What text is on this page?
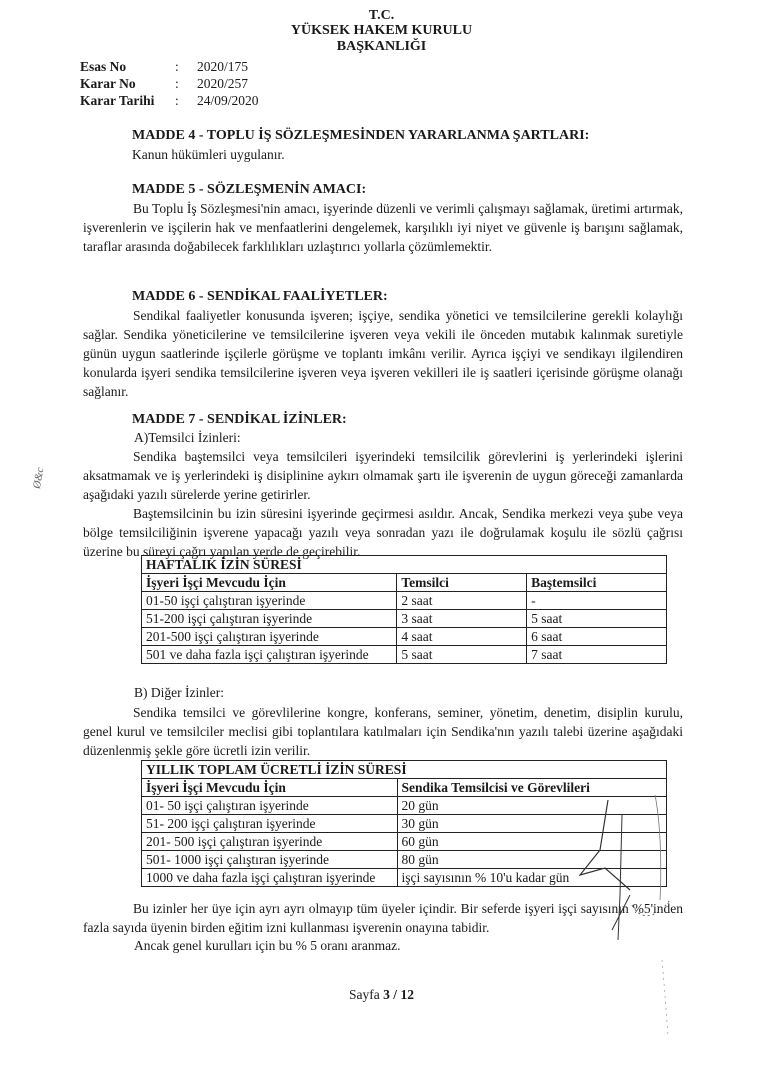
T.C.
YÜKSEK HAKEM KURULU
BAŞKANLIĞI
Esas No	: 2020/175
Karar No	: 2020/257
Karar Tarihi : 24/09/2020
MADDE 4 - TOPLU İŞ SÖZLEŞMESİNDEN YARARLANMA ŞARTLARI:
Kanun hükümleri uygulanır.
MADDE 5 - SÖZLEŞMENİN AMACI:
Bu Toplu İş Sözleşmesi'nin amacı, işyerinde düzenli ve verimli çalışmayı sağlamak, üretimi artırmak, işverenlerin ve işçilerin hak ve menfaatlerini dengelemek, karşılıklı iyi niyet ve güvenle iş barışını sağlamak, taraflar arasında doğabilecek farklılıkları uzlaştırıcı yollarla çözümlemektir.
MADDE 6 - SENDİKAL FAALİYETLER:
Sendikal faaliyetler konusunda işveren; işçiye, sendika yönetici ve temsilcilerine gerekli kolaylığı sağlar. Sendika yöneticilerine ve temsilcilerine işveren veya vekili ile önceden mutabık kalınmak suretiyle günün uygun saatlerinde işçilerle görüşme ve toplantı imkânı verilir. Ayrıca işçiyi ve sendikayı ilgilendiren konularda işyeri sendika temsilcilerine işveren veya işveren vekilleri ile iş saatleri içerisinde görüşme olanağı sağlanır.
MADDE 7 - SENDİKAL İZİNLER:
A)Temsilci İzinleri:
Sendika baştemsilci veya temsilcileri işyerindeki temsilcilik görevlerini iş yerlerindeki işlerini aksatmamak ve iş yerlerindeki iş disiplinine aykırı olmamak şartı ile işverenin de uygun göreceği zamanlarda aşağıdaki yazılı sürelerde yerine getirirler.
Baştemsilcinin bu izin süresini işyerinde geçirmesi asıldır. Ancak, Sendika merkezi veya şube veya bölge temsilciliğinin işverene yapacağı yazılı veya sonradan yazı ile doğrulamak koşulu ile sözlü çağrısı üzerine bu süreyi çağrı yapılan yerde de geçirebilir.
HAFTALIK İZİN SÜRESİ		
İşyeri İşçi Mevcudu İçin	Temsilci	Baştemsilci
01-50 işçi çalıştıran işyerinde	2 saat	-
51-200 işçi çalıştıran işyerinde	3 saat	5 saat
201-500 işçi çalıştıran işyerinde	4 saat	6 saat
501 ve daha fazla işçi çalıştıran işyerinde	5 saat	7 saat
B) Diğer İzinler:
Sendika temsilci ve görevlilerine kongre, konferans, seminer, yönetim, denetim, disiplin kurulu, genel kurul ve temsilciler meclisi gibi toplantılara katılmaları için Sendika'nın yazılı talebi üzerine aşağıdaki düzenlenmiş şekle göre ücretli izin verilir.
YILLIK TOPLAM ÜCRETLİ İZİN SÜRESİ	
İşyeri İşçi Mevcudu İçin	Sendika Temsilcisi ve Görevlileri
01- 50 işçi çalıştıran işyerinde	20 gün
51- 200 işçi çalıştıran işyerinde	30 gün
201- 500 işçi çalıştıran işyerinde	60 gün
501- 1000 işçi çalıştıran işyerinde	80 gün
1000 ve daha fazla işçi çalıştıran işyerinde	işçi sayısının % 10'u kadar gün
Bu izinler her üye için ayrı ayrı olmayıp tüm üyeler içindir. Bir seferde işyeri işçi sayısının %5'inden fazla sayıda üyenin birden eğitim izni kullanması işverenin onayına tabidir.
Ancak genel kurulları için bu % 5 oranı aranmaz.
Sayfa 3 / 12
Ø&c
